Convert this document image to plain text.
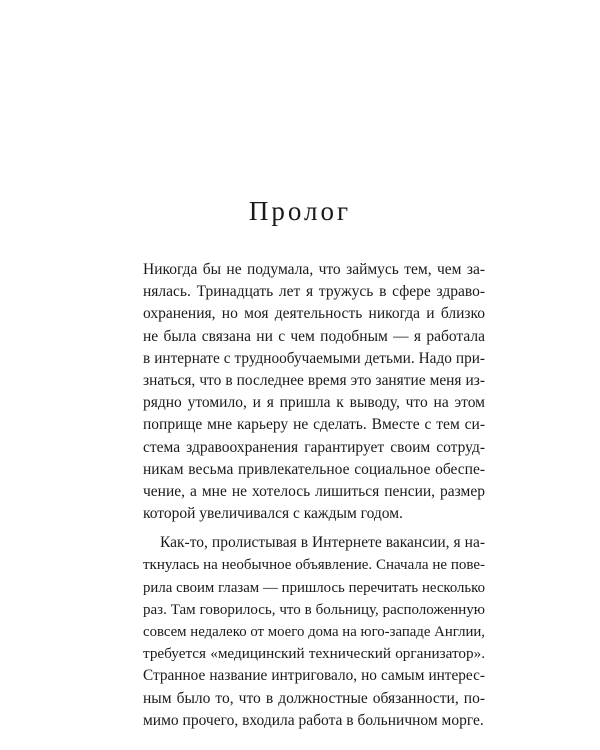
Пролог
Никогда бы не подумала, что займусь тем, чем за-
нялась. Тринадцать лет я тружусь в сфере здраво-
охранения, но моя деятельность никогда и близко
не была связана ни с чем подобным — я работала
в интернате с труднообучаемыми детьми. Надо при-
знаться, что в последнее время это занятие меня из-
рядно утомило, и я пришла к выводу, что на этом
поприще мне карьеру не сделать. Вместе с тем си-
стема здравоохранения гарантирует своим сотруд-
никам весьма привлекательное социальное обеспе-
чение, а мне не хотелось лишиться пенсии, размер
которой увеличивался с каждым годом.
Как-то, пролистывая в Интернете вакансии, я на-
ткнулась на необычное объявление. Сначала не пове-
рила своим глазам — пришлось перечитать несколько
раз. Там говорилось, что в больницу, расположенную
совсем недалеко от моего дома на юго-западе Англии,
требуется «медицинский технический организатор».
Странное название интриговало, но самым интерес-
ным было то, что в должностные обязанности, по-
мимо прочего, входила работа в больничном морге.
